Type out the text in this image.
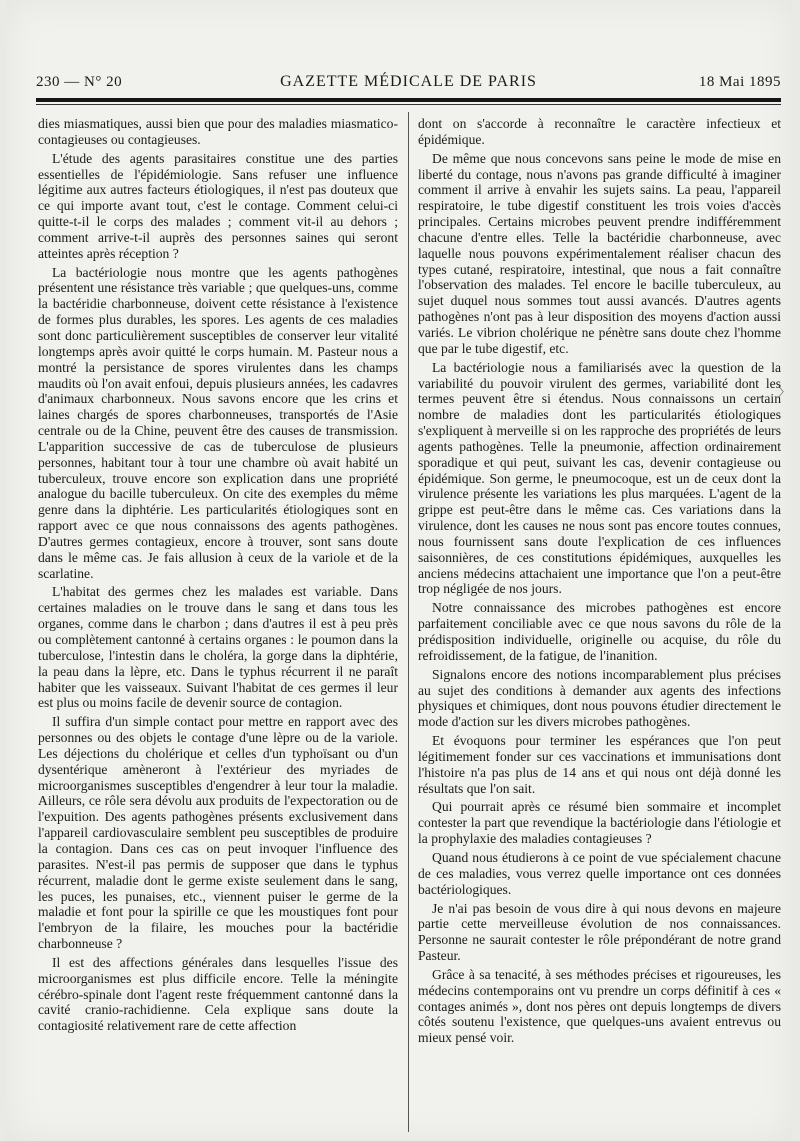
230 — N° 20	GAZETTE MÉDICALE DE PARIS	18 Mai 1895

dies miasmatiques, aussi bien que pour des maladies miasmatico-contagieuses ou contagieuses.

L'étude des agents parasitaires constitue une des parties essentielles de l'épidémiologie. Sans refuser une influence légitime aux autres facteurs étiologiques, il n'est pas douteux que ce qui importe avant tout, c'est le contage. Comment celui-ci quitte-t-il le corps des malades ; comment vit-il au dehors ; comment arrive-t-il auprès des personnes saines qui seront atteintes après réception ?

La bactériologie nous montre que les agents pathogènes présentent une résistance très variable ; que quelques-uns, comme la bactéridie charbonneuse, doivent cette résistance à l'existence de formes plus durables, les spores. Les agents de ces maladies sont donc particulièrement susceptibles de conserver leur vitalité longtemps après avoir quitté le corps humain. M. Pasteur nous a montré la persistance de spores virulentes dans les champs maudits où l'on avait enfoui, depuis plusieurs années, les cadavres d'animaux charbonneux. Nous savons encore que les crins et laines chargés de spores charbonneuses, transportés de l'Asie centrale ou de la Chine, peuvent être des causes de transmission. L'apparition successive de cas de tuberculose de plusieurs personnes, habitant tour à tour une chambre où avait habité un tuberculeux, trouve encore son explication dans une propriété analogue du bacille tuberculeux. On cite des exemples du même genre dans la diphtérie. Les particularités étiologiques sont en rapport avec ce que nous connaissons des agents pathogènes. D'autres germes contagieux, encore à trouver, sont sans doute dans le même cas. Je fais allusion à ceux de la variole et de la scarlatine.

L'habitat des germes chez les malades est variable. Dans certaines maladies on le trouve dans le sang et dans tous les organes, comme dans le charbon ; dans d'autres il est à peu près ou complètement cantonné à certains organes : le poumon dans la tuberculose, l'intestin dans le choléra, la gorge dans la diphtérie, la peau dans la lèpre, etc. Dans le typhus récurrent il ne paraît habiter que les vaisseaux. Suivant l'habitat de ces germes il leur est plus ou moins facile de devenir source de contagion.

Il suffira d'un simple contact pour mettre en rapport avec des personnes ou des objets le contage d'une lèpre ou de la variole. Les déjections du cholérique et celles d'un typhoïsant ou d'un dysentérique amèneront à l'extérieur des myriades de microorganismes susceptibles d'engendrer à leur tour la maladie. Ailleurs, ce rôle sera dévolu aux produits de l'expectoration ou de l'expuition. Des agents pathogènes présents exclusivement dans l'appareil cardiovasculaire semblent peu susceptibles de produire la contagion. Dans ces cas on peut invoquer l'influence des parasites. N'est-il pas permis de supposer que dans le typhus récurrent, maladie dont le germe existe seulement dans le sang, les puces, les punaises, etc., viennent puiser le germe de la maladie et font pour la spirille ce que les moustiques font pour l'embryon de la filaire, les mouches pour la bactéridie charbonneuse ?

Il est des affections générales dans lesquelles l'issue des microorganismes est plus difficile encore. Telle la méningite cérébro-spinale dont l'agent reste fréquemment cantonné dans la cavité cranio-rachidienne. Cela explique sans doute la contagiosité relativement rare de cette affection

dont on s'accorde à reconnaître le caractère infectieux et épidémique.

De même que nous concevons sans peine le mode de mise en liberté du contage, nous n'avons pas grande difficulté à imaginer comment il arrive à envahir les sujets sains. La peau, l'appareil respiratoire, le tube digestif constituent les trois voies d'accès principales. Certains microbes peuvent prendre indifféremment chacune d'entre elles. Telle la bactéridie charbonneuse, avec laquelle nous pouvons expérimentalement réaliser chacun des types cutané, respiratoire, intestinal, que nous a fait connaître l'observation des malades. Tel encore le bacille tuberculeux, au sujet duquel nous sommes tout aussi avancés. D'autres agents pathogènes n'ont pas à leur disposition des moyens d'action aussi variés. Le vibrion cholérique ne pénètre sans doute chez l'homme que par le tube digestif, etc.

La bactériologie nous a familiarisés avec la question de la variabilité du pouvoir virulent des germes, variabilité dont les termes peuvent être si étendus. Nous connaissons un certain nombre de maladies dont les particularités étiologiques s'expliquent à merveille si on les rapproche des propriétés de leurs agents pathogènes. Telle la pneumonie, affection ordinairement sporadique et qui peut, suivant les cas, devenir contagieuse ou épidémique. Son germe, le pneumocoque, est un de ceux dont la virulence présente les variations les plus marquées. L'agent de la grippe est peut-être dans le même cas. Ces variations dans la virulence, dont les causes ne nous sont pas encore toutes connues, nous fournissent sans doute l'explication de ces influences saisonnières, de ces constitutions épidémiques, auxquelles les anciens médecins attachaient une importance que l'on a peut-être trop négligée de nos jours.

Notre connaissance des microbes pathogènes est encore parfaitement conciliable avec ce que nous savons du rôle de la prédisposition individuelle, originelle ou acquise, du rôle du refroidissement, de la fatigue, de l'inanition.

Signalons encore des notions incomparablement plus précises au sujet des conditions à demander aux agents des infections physiques et chimiques, dont nous pouvons étudier directement le mode d'action sur les divers microbes pathogènes.

Et évoquons pour terminer les espérances que l'on peut légitimement fonder sur ces vaccinations et immunisations dont l'histoire n'a pas plus de 14 ans et qui nous ont déjà donné les résultats que l'on sait.

Qui pourrait après ce résumé bien sommaire et incomplet contester la part que revendique la bactériologie dans l'étiologie et la prophylaxie des maladies contagieuses ?

Quand nous étudierons à ce point de vue spécialement chacune de ces maladies, vous verrez quelle importance ont ces données bactériologiques.

Je n'ai pas besoin de vous dire à qui nous devons en majeure partie cette merveilleuse évolution de nos connaissances. Personne ne saurait contester le rôle prépondérant de notre grand Pasteur.

Grâce à sa tenacité, à ses méthodes précises et rigoureuses, les médecins contemporains ont vu prendre un corps définitif à ces « contages animés », dont nos pères ont depuis longtemps de divers côtés soutenu l'existence, que quelques-uns avaient entrevus ou mieux pensé voir.

〉
